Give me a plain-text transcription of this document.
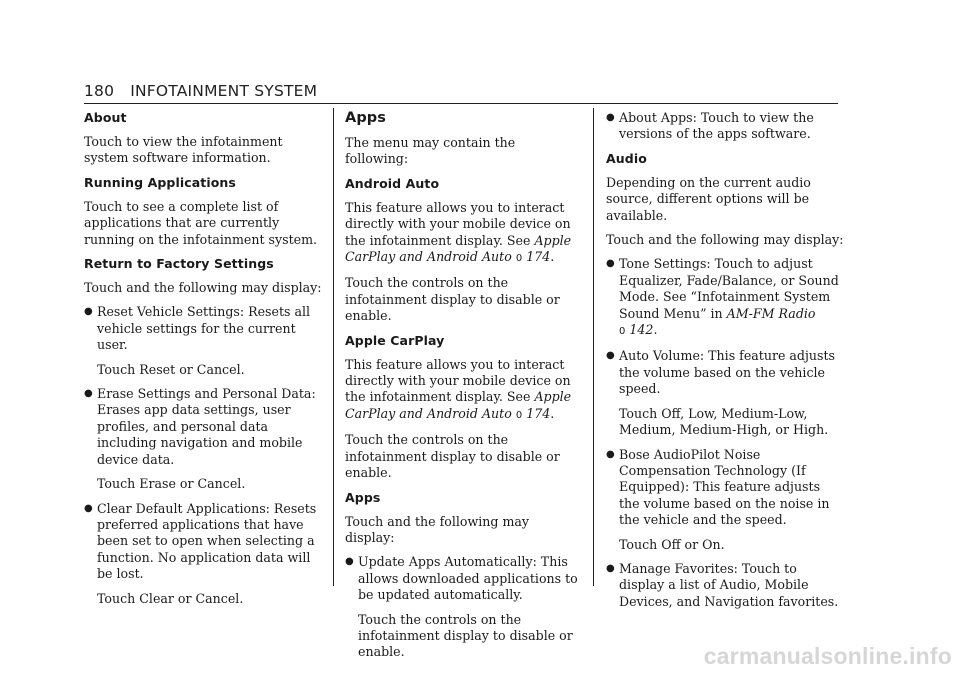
180 INFOTAINMENT SYSTEM
About

Touch to view the infotainment system software information.

Running Applications

Touch to see a complete list of applications that are currently running on the infotainment system.

Return to Factory Settings

Touch and the following may display:

● Reset Vehicle Settings: Resets all vehicle settings for the current user.

Touch Reset or Cancel.

● Erase Settings and Personal Data: Erases app data settings, user profiles, and personal data including navigation and mobile device data.

Touch Erase or Cancel.

● Clear Default Applications: Resets preferred applications that have been set to open when selecting a function. No application data will be lost.

Touch Clear or Cancel.

Apps

The menu may contain the following:

Android Auto

This feature allows you to interact directly with your mobile device on the infotainment display. See Apple CarPlay and Android Auto 0 174.

Touch the controls on the infotainment display to disable or enable.

Apple CarPlay

This feature allows you to interact directly with your mobile device on the infotainment display. See Apple CarPlay and Android Auto 0 174.

Touch the controls on the infotainment display to disable or enable.

Apps

Touch and the following may display:

● Update Apps Automatically: This allows downloaded applications to be updated automatically.

Touch the controls on the infotainment display to disable or enable.

● About Apps: Touch to view the versions of the apps software.
Audio

Depending on the current audio source, different options will be available.

Touch and the following may display:

● Tone Settings: Touch to adjust Equalizer, Fade/Balance, or Sound Mode. See “Infotainment System Sound Menu” in AM-FM Radio
0 142.
● Auto Volume: This feature adjusts the volume based on the vehicle speed.

Touch Off, Low, Medium-Low, Medium, Medium-High, or High.

● Bose AudioPilot Noise Compensation Technology (If Equipped): This feature adjusts the volume based on the noise in the vehicle and the speed.

Touch Off or On.

● Manage Favorites: Touch to display a list of Audio, Mobile Devices, and Navigation favorites.
carmanualsonline.info
